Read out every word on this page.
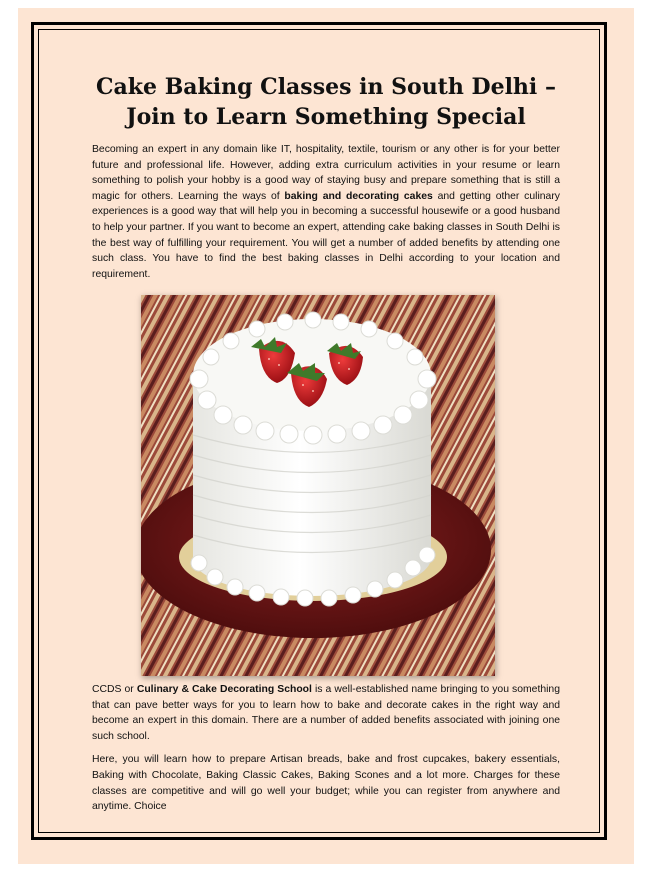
Cake Baking Classes in South Delhi –
Join to Learn Something Special

Becoming an expert in any domain like IT, hospitality, textile, tourism or any other is for your better future and professional life. However, adding extra curriculum activities in your resume or learn something to polish your hobby is a good way of staying busy and prepare something that is still a magic for others. Learning the ways of baking and decorating cakes and getting other culinary experiences is a good way that will help you in becoming a successful housewife or a good husband to help your partner. If you want to become an expert, attending cake baking classes in South Delhi is the best way of fulfilling your requirement. You will get a number of added benefits by attending one such class. You have to find the best baking classes in Delhi according to your location and requirement.

CCDS or Culinary & Cake Decorating School is a well-established name bringing to you something that can pave better ways for you to learn how to bake and decorate cakes in the right way and become an expert in this domain. There are a number of added benefits associated with joining one such school.

Here, you will learn how to prepare Artisan breads, bake and frost cupcakes, bakery essentials, Baking with Chocolate, Baking Classic Cakes, Baking Scones and a lot more. Charges for these classes are competitive and will go well your budget; while you can register from anywhere and anytime. Choice
